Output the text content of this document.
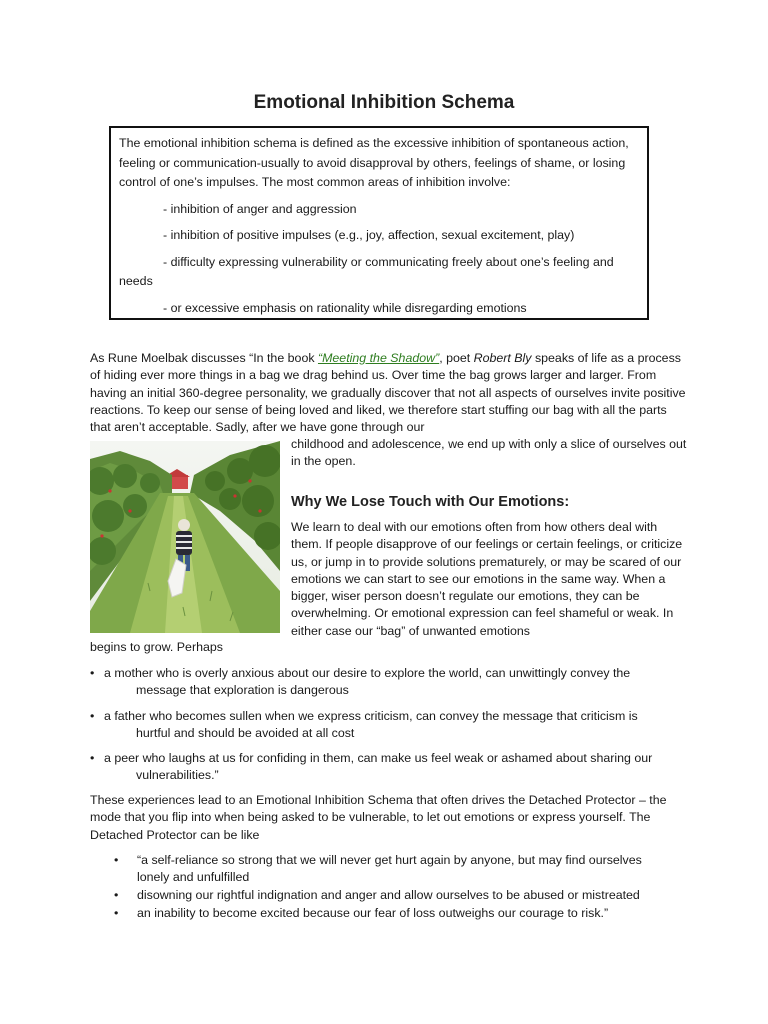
Emotional Inhibition Schema

The emotional inhibition schema is defined as the excessive inhibition of spontaneous action, feeling or communication-usually to avoid disapproval by others, feelings of shame, or losing control of one’s impulses. The most common areas of inhibition involve:

- inhibition of anger and aggression

- inhibition of positive impulses (e.g., joy, affection, sexual excitement, play)

- difficulty expressing vulnerability or communicating freely about one’s feeling and

needs

- or excessive emphasis on rationality while disregarding emotions

As Rune Moelbak discusses “In the book “Meeting the Shadow”, poet Robert Bly speaks of life as a process of hiding ever more things in a bag we drag behind us. Over time the bag grows larger and larger. From having an initial 360-degree personality, we gradually discover that not all aspects of ourselves invite positive reactions. To keep our sense of being loved and liked, we therefore start stuffing our bag with all the parts that aren’t acceptable. Sadly, after we have gone through our

childhood and adolescence, we end up with only a slice of ourselves out in the open.

Why We Lose Touch with Our Emotions:

We learn to deal with our emotions often from how others deal with them. If people disapprove of our feelings or certain feelings, or criticize us, or jump in to provide solutions prematurely, or may be scared of our emotions we can start to see our emotions in the same way. When a bigger, wiser person doesn’t regulate our emotions, they can be overwhelming. Or emotional expression can feel shameful or weak. In either case our “bag” of unwanted emotions

begins to grow. Perhaps
• a mother who is overly anxious about our desire to explore the world, can unwittingly convey the
message that exploration is dangerous
• a father who becomes sullen when we express criticism, can convey the message that criticism is
hurtful and should be avoided at all cost
• a peer who laughs at us for confiding in them, can make us feel weak or ashamed about sharing our
vulnerabilities.”

These experiences lead to an Emotional Inhibition Schema that often drives the Detached Protector – the mode that you flip into when being asked to be vulnerable, to let out emotions or express yourself. The Detached Protector can be like

•	“a self-reliance so strong that we will never get hurt again by anyone, but may find ourselves lonely and unfulfilled
•	disowning our rightful indignation and anger and allow ourselves to be abused or mistreated
•	an inability to become excited because our fear of loss outweighs our courage to risk.”
